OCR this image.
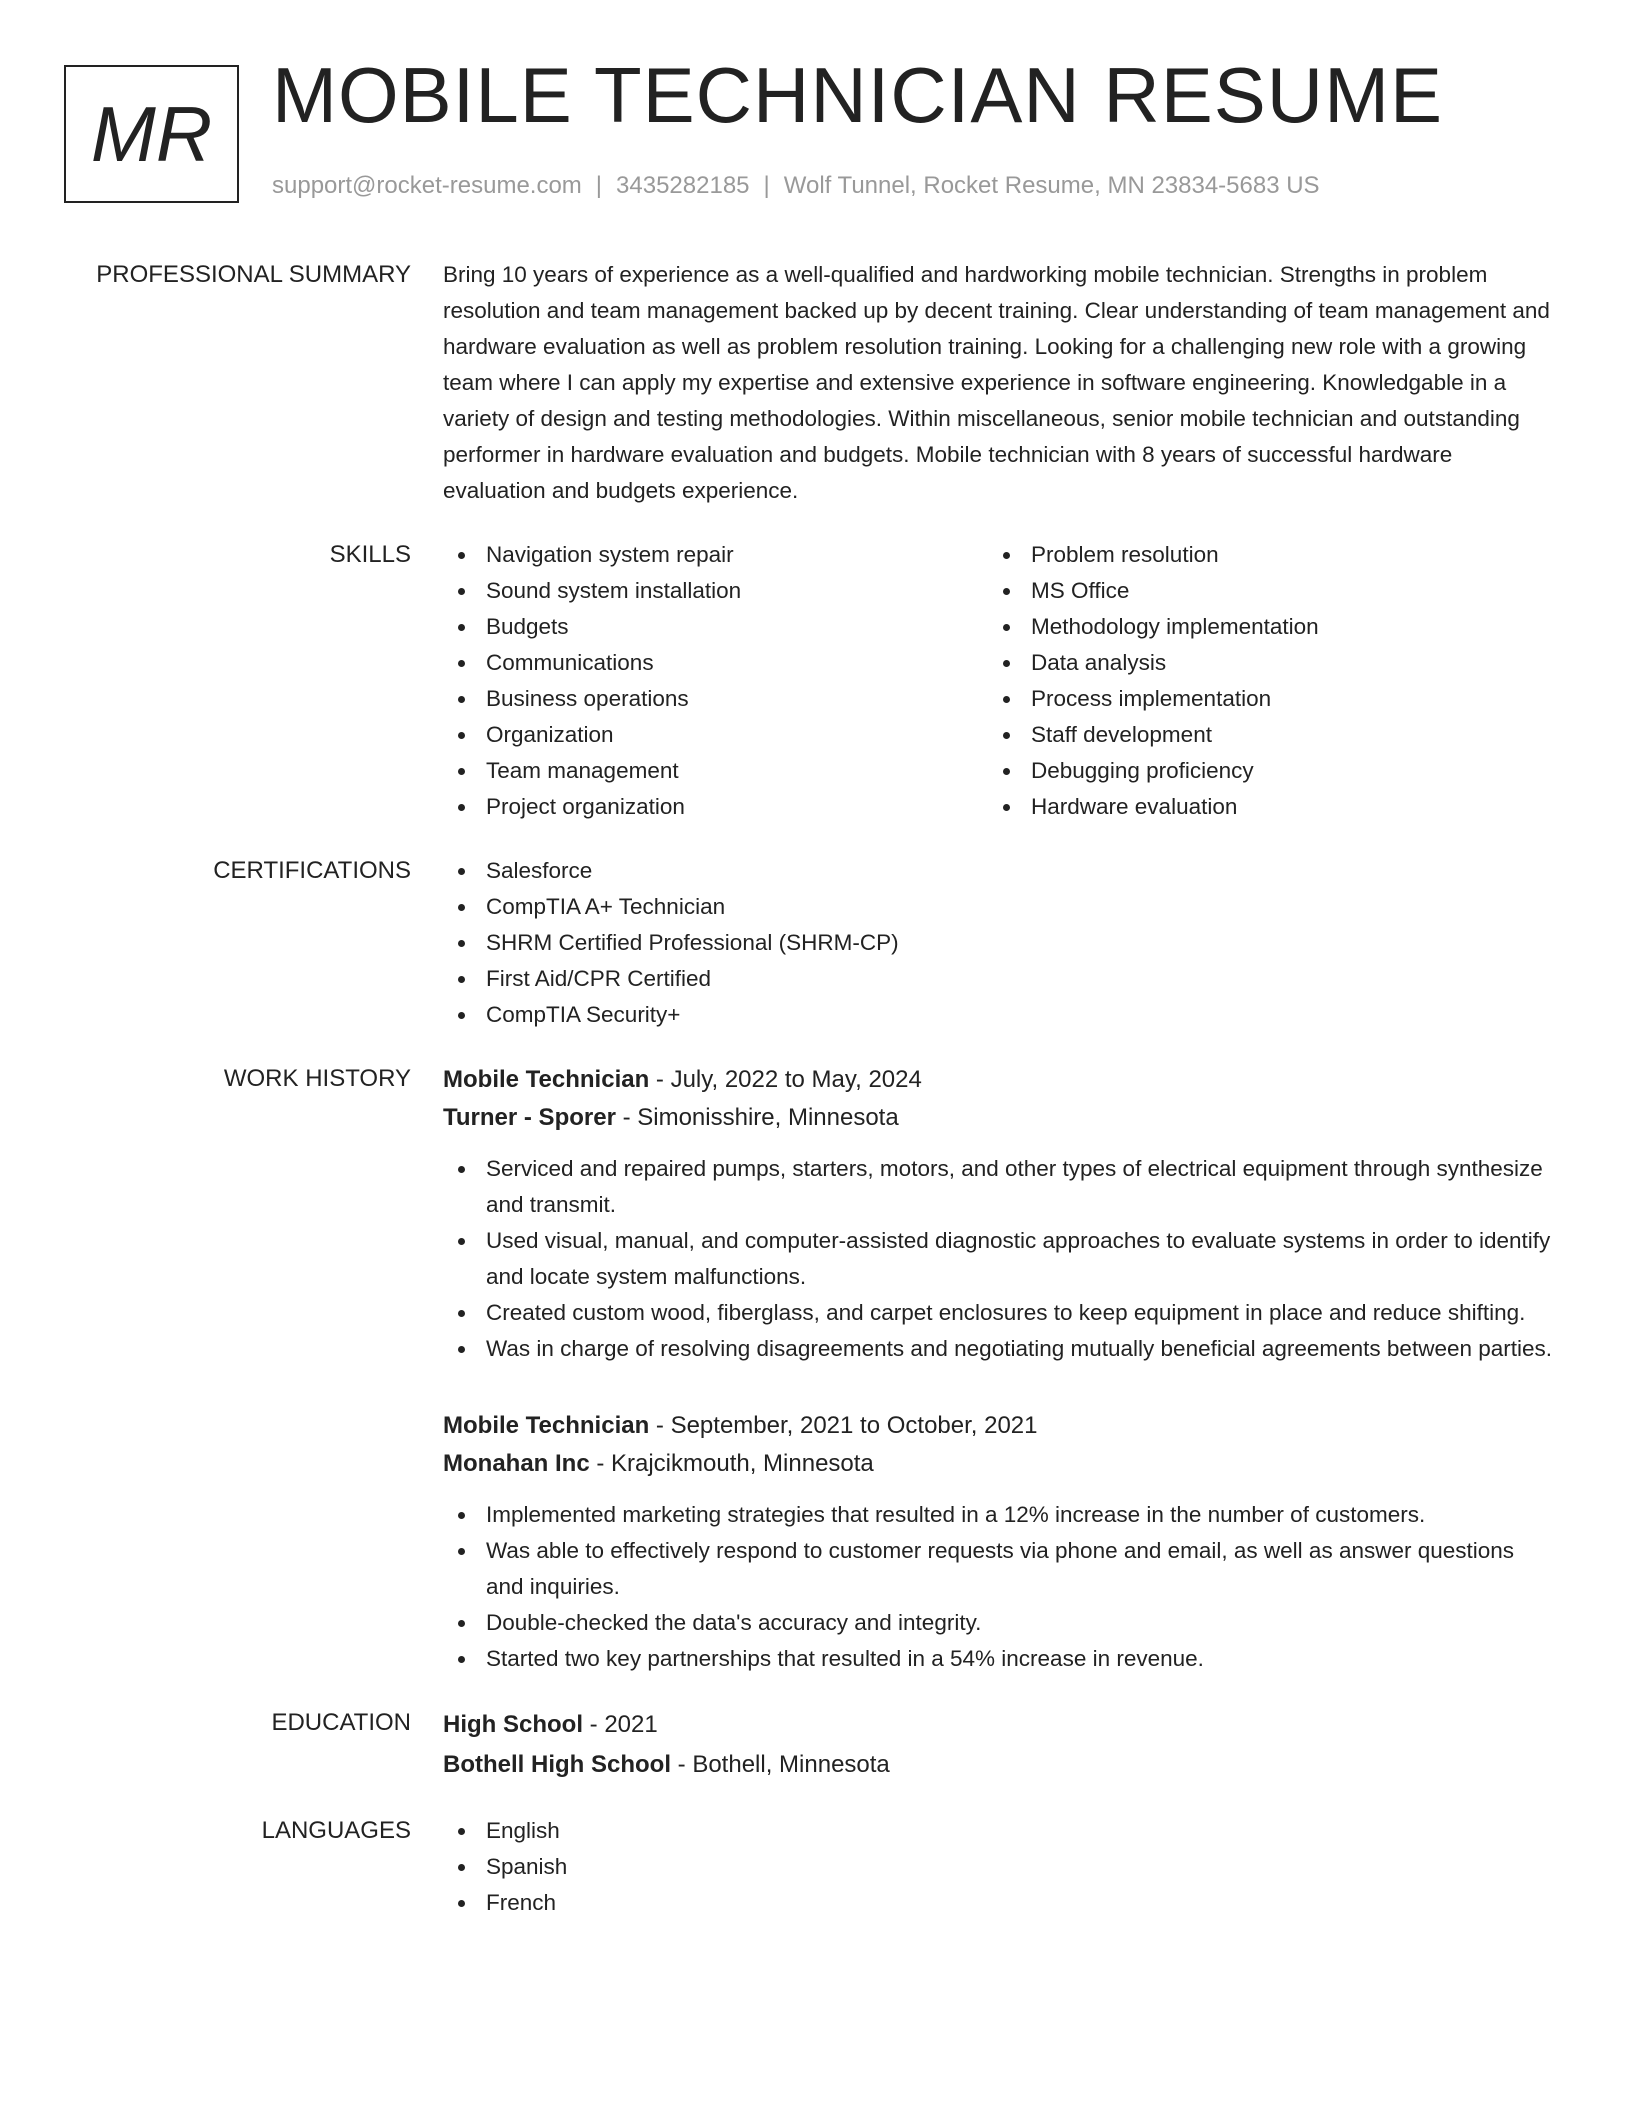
MR MOBILE TECHNICIAN RESUME
support@rocket-resume.com | 3435282185 | Wolf Tunnel, Rocket Resume, MN 23834-5683 US
PROFESSIONAL SUMMARY Bring 10 years of experience as a well-qualified and hardworking mobile technician. Strengths in problem resolution and team management backed up by decent training. Clear understanding of team management and hardware evaluation as well as problem resolution training. Looking for a challenging new role with a growing team where I can apply my expertise and extensive experience in software engineering. Knowledgable in a variety of design and testing methodologies. Within miscellaneous, senior mobile technician and outstanding performer in hardware evaluation and budgets. Mobile technician with 8 years of successful hardware evaluation and budgets experience.

SKILLS	Navigation system repair
Sound system installation
Budgets
Communications
Business operations
Organization
Team management
Project organization
Problem resolution
MS Office
Methodology implementation
Data analysis
Process implementation
Staff development
Debugging proficiency
Hardware evaluation
CERTIFICATIONS	Salesforce
CompTIA A+ Technician
SHRM Certified Professional (SHRM-CP)
First Aid/CPR Certified
CompTIA Security+
WORK HISTORY Mobile Technician - July, 2022 to May, 2024
Turner - Sporer - Simonisshire, Minnesota
Serviced and repaired pumps, starters, motors, and other types of electrical equipment through synthesize and transmit.
Used visual, manual, and computer-assisted diagnostic approaches to evaluate systems in order to identify and locate system malfunctions.
Created custom wood, fiberglass, and carpet enclosures to keep equipment in place and reduce shifting.
Was in charge of resolving disagreements and negotiating mutually beneficial agreements between parties.
Mobile Technician - September, 2021 to October, 2021
Monahan Inc - Krajcikmouth, Minnesota
Implemented marketing strategies that resulted in a 12% increase in the number of customers.
Was able to effectively respond to customer requests via phone and email, as well as answer questions and inquiries.
Double-checked the data's accuracy and integrity.
Started two key partnerships that resulted in a 54% increase in revenue.
EDUCATION High School - 2021
Bothell High School - Bothell, Minnesota
LANGUAGES	English
Spanish
French
